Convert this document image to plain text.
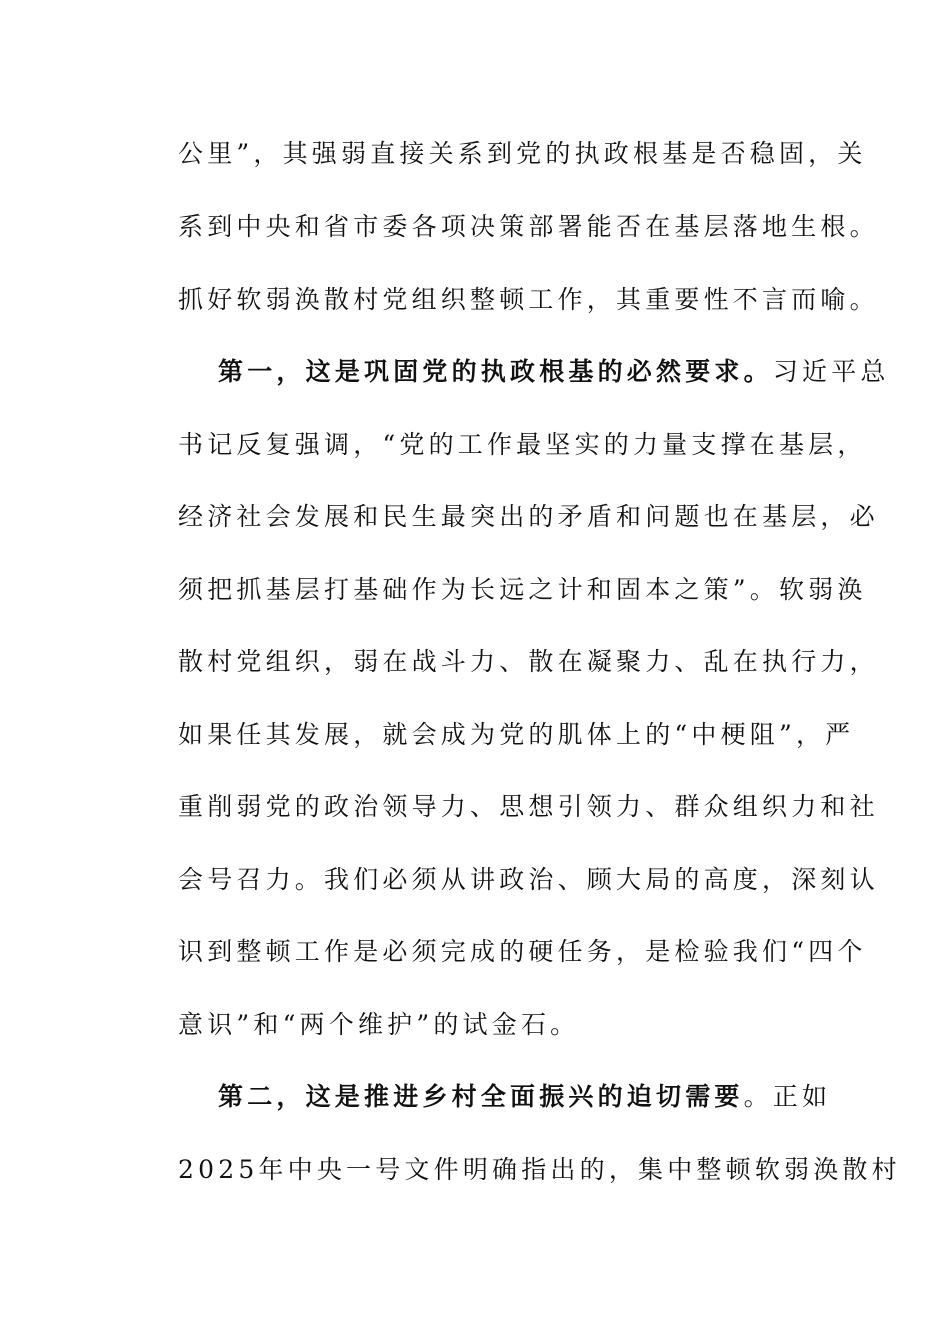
公里”，其强弱直接关系到党的执政根基是否稳固，关
系到中央和省市委各项决策部署能否在基层落地生根。
抓好软弱涣散村党组织整顿工作，其重要性不言而喻。
第一，这是巩固党的执政根基的必然要求。习近平总
书记反复强调，“党的工作最坚实的力量支撑在基层，
经济社会发展和民生最突出的矛盾和问题也在基层，必
须把抓基层打基础作为长远之计和固本之策”。软弱涣
散村党组织，弱在战斗力、散在凝聚力、乱在执行力，
如果任其发展，就会成为党的肌体上的“中梗阻”，严
重削弱党的政治领导力、思想引领力、群众组织力和社
会号召力。我们必须从讲政治、顾大局的高度，深刻认
识到整顿工作是必须完成的硬任务，是检验我们“四个
意识”和“两个维护”的试金石。
第二，这是推进乡村全面振兴的迫切需要。正如
2025年中央一号文件明确指出的，集中整顿软弱涣散村
